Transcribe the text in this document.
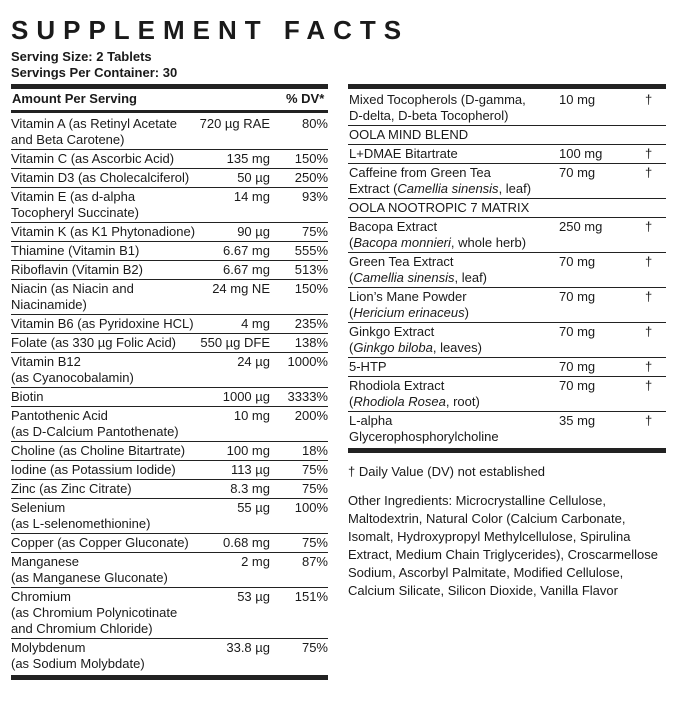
SUPPLEMENT FACTS
Serving Size: 2 Tablets
Servings Per Container: 30
Amount Per Serving	% DV*
Vitamin A (as Retinyl Acetate
and Beta Carotene)
720 µg RAE 80%
Vitamin C (as Ascorbic Acid)	135 mg 150%
Vitamin D3 (as Cholecalciferol)	50 µg 250%
Vitamin E (as d-alpha
Tocopheryl Succinate)
14 mg 93%
Vitamin K (as K1 Phytonadione)	90 µg 75%
Thiamine (Vitamin B1)	6.67 mg 555%
Riboflavin (Vitamin B2)	6.67 mg 513%
Niacin (as Niacin and
Niacinamide)
24 mg NE 150%
Vitamin B6 (as Pyridoxine HCL)	4 mg 235%
Folate (as 330 µg Folic Acid) 550 µg DFE 138%
Vitamin B12
(as Cyanocobalamin)
24 µg 1000%
Biotin	1000 µg 3333%
Pantothenic Acid
(as D-Calcium Pantothenate)
10 mg 200%
Choline (as Choline Bitartrate)	100 mg 18%
Iodine (as Potassium Iodide)	113 µg 75%
Zinc (as Zinc Citrate)	8.3 mg 75%
Selenium
(as L-selenomethionine)
55 µg 100%
Copper (as Copper Gluconate)	0.68 mg 75%
Manganese
(as Manganese Gluconate)
2 mg 87%
Chromium
(as Chromium Polynicotinate
and Chromium Chloride)
53 µg 151%
Molybdenum
(as Sodium Molybdate)
33.8 µg 75%
Mixed Tocopherols (D-gamma,
D-delta, D-beta Tocopherol)
10 mg	†
OOLA MIND BLEND
L+DMAE Bitartrate	100 mg	†
Caffeine from Green Tea
Extract (Camellia sinensis, leaf)
70 mg	†
OOLA NOOTROPIC 7 MATRIX
Bacopa Extract
(Bacopa monnieri, whole herb)
250 mg	†
Green Tea Extract
(Camellia sinensis, leaf)
70 mg	†
Lion’s Mane Powder
(Hericium erinaceus)
70 mg	†
Ginkgo Extract
(Ginkgo biloba, leaves)
70 mg	†
5-HTP	70 mg	†
Rhodiola Extract
(Rhodiola Rosea, root)
70 mg	†
L-alpha
Glycerophosphorylcholine
35 mg	†
† Daily Value (DV) not established
Other Ingredients: Microcrystalline Cellulose,
Maltodextrin, Natural Color (Calcium Carbonate,
Isomalt, Hydroxypropyl Methylcellulose, Spirulina
Extract, Medium Chain Triglycerides), Croscarmellose
Sodium, Ascorbyl Palmitate, Modified Cellulose,
Calcium Silicate, Silicon Dioxide, Vanilla Flavor
